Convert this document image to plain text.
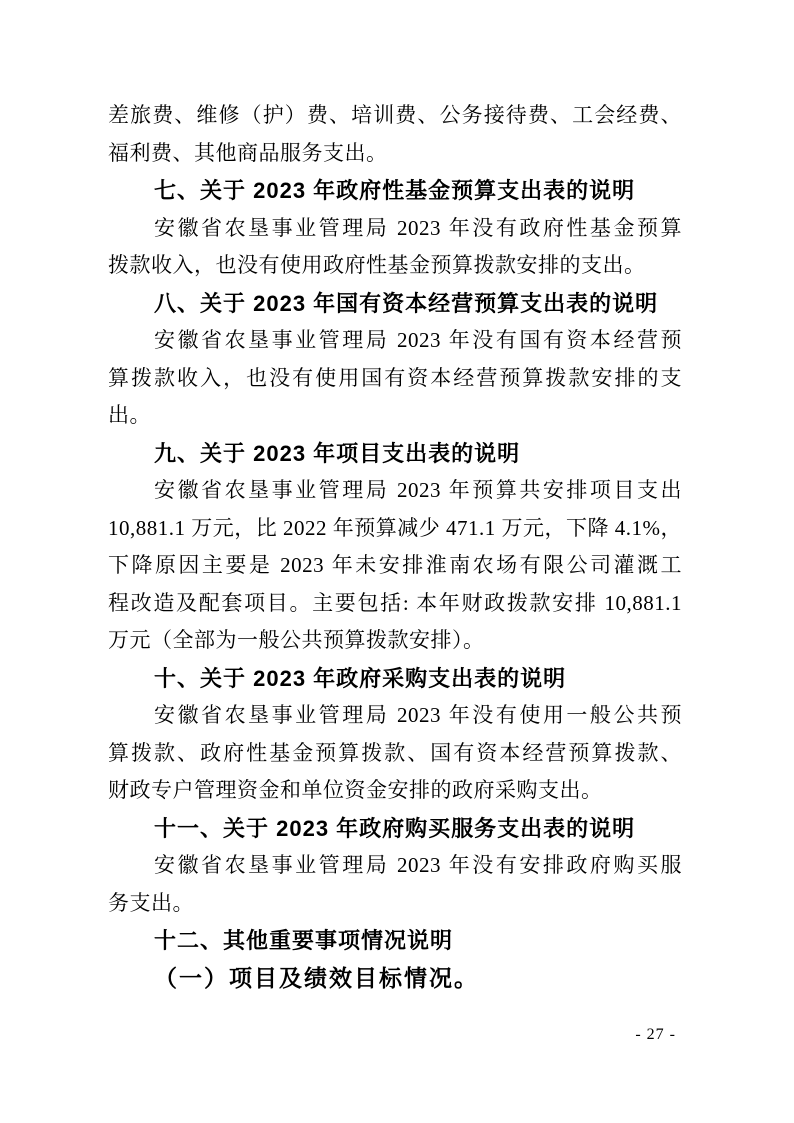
差旅费、维修（护）费、培训费、公务接待费、工会经费、
福利费、其他商品服务支出。
七、关于 2023 年政府性基金预算支出表的说明
安徽省农垦事业管理局 2023 年没有政府性基金预算
拨款收入，也没有使用政府性基金预算拨款安排的支出。
八、关于 2023 年国有资本经营预算支出表的说明
安徽省农垦事业管理局 2023 年没有国有资本经营预
算拨款收入，也没有使用国有资本经营预算拨款安排的支
出。
九、关于 2023 年项目支出表的说明
安徽省农垦事业管理局 2023 年预算共安排项目支出
10,881.1 万元，比 2022 年预算减少 471.1 万元，下降 4.1%，
下降原因主要是 2023 年未安排淮南农场有限公司灌溉工
程改造及配套项目。主要包括: 本年财政拨款安排 10,881.1
万元（全部为一般公共预算拨款安排）。
十、关于 2023 年政府采购支出表的说明
安徽省农垦事业管理局 2023 年没有使用一般公共预
算拨款、政府性基金预算拨款、国有资本经营预算拨款、
财政专户管理资金和单位资金安排的政府采购支出。
十一、关于 2023 年政府购买服务支出表的说明
安徽省农垦事业管理局 2023 年没有安排政府购买服
务支出。
十二、其他重要事项情况说明
（一）项目及绩效目标情况。
- 27 -
